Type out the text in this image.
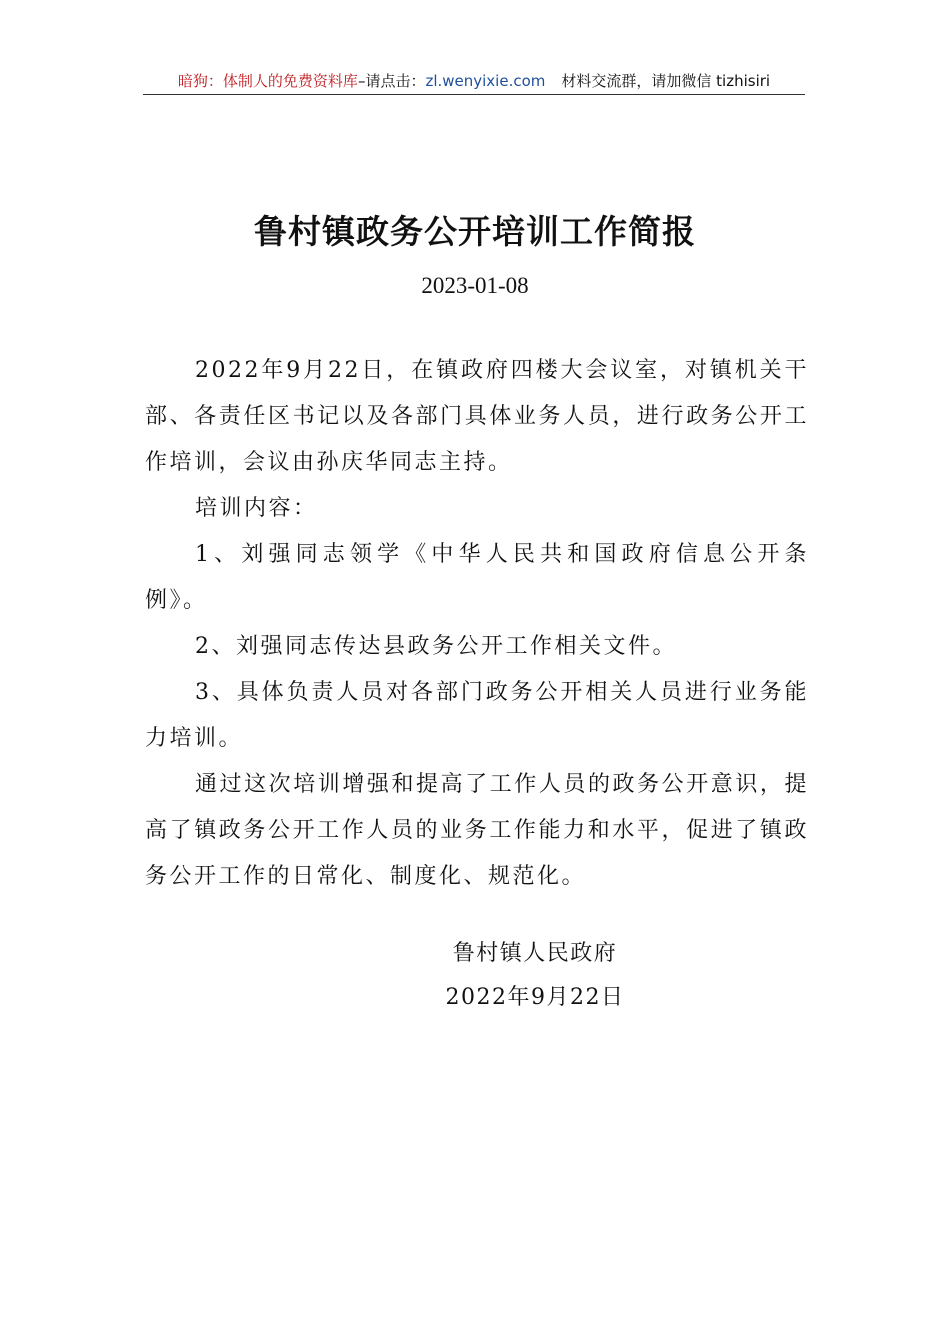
暗狗：体制人的免费资料库–请点击：zl.wenyixie.com 材料交流群，请加微信 tizhisiri
鲁村镇政务公开培训工作简报
2023-01-08

2022年9月22日，在镇政府四楼大会议室，对镇机关干部、各责任区书记以及各部门具体业务人员，进行政务公开工作培训，会议由孙庆华同志主持。

培训内容：

1、刘强同志领学《中华人民共和国政府信息公开条例》。

2、刘强同志传达县政务公开工作相关文件。

3、具体负责人员对各部门政务公开相关人员进行业务能力培训。

通过这次培训增强和提高了工作人员的政务公开意识，提高了镇政务公开工作人员的业务工作能力和水平，促进了镇政务公开工作的日常化、制度化、规范化。

鲁村镇人民政府
2022年9月22日
